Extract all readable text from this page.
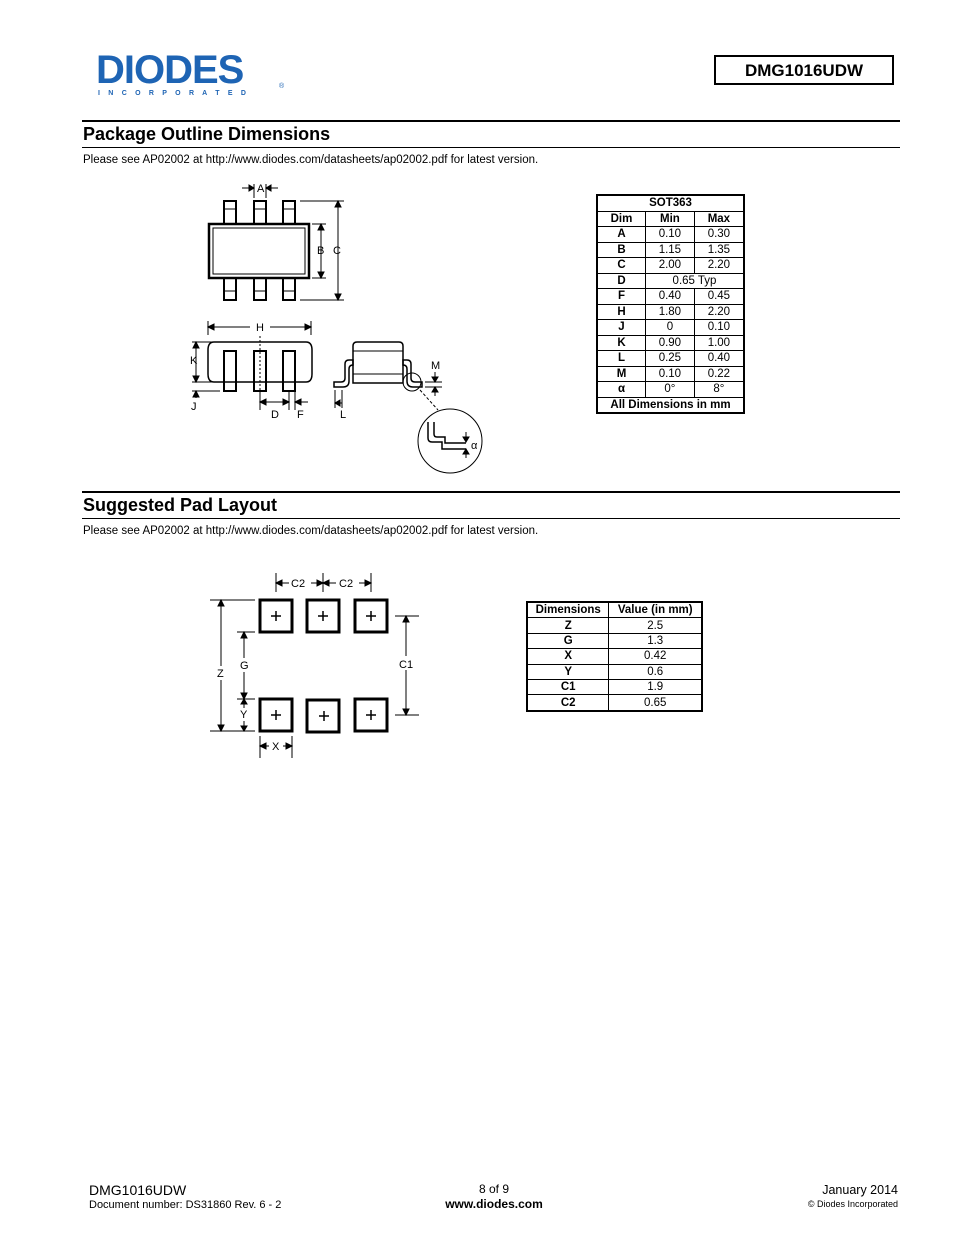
DIODES	®
I N C O R P O R A T E D
DMG1016UDW
Package Outline Dimensions
Please see AP02002 at http://www.diodes.com/datasheets/ap02002.pdf for latest version.
A
B C
H
K
J
D F	L
M
α
SOT363		
Dim	Min	Max
A	0.10	0.30
B	1.15	1.35
C	2.00	2.20
D	0.65 Typ	
F	0.40	0.45
H	1.80	2.20
J	0	0.10
K	0.90	1.00
L	0.25	0.40
M	0.10	0.22
α	0°	8°
All Dimensions in mm		
Suggested Pad Layout
Please see AP02002 at http://www.diodes.com/datasheets/ap02002.pdf for latest version.
C2	C2
Z
G
Y
X
C1
Dimensions	Value (in mm)
Z	2.5
G	1.3
X	0.42
Y	0.6
C1	1.9
C2	0.65
DMG1016UDW
Document number: DS31860 Rev. 6 - 2
8 of 9
www.diodes.com
January 2014
© Diodes Incorporated
